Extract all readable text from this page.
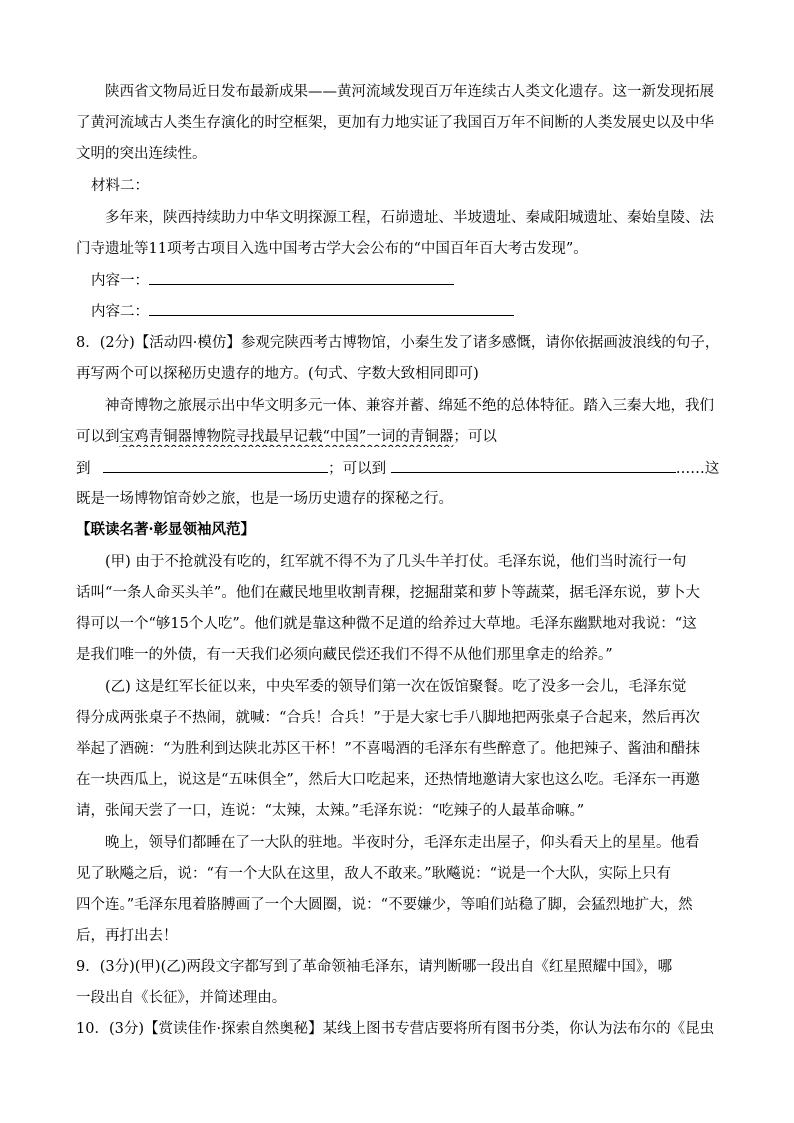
陕西省文物局近日发布最新成果——黄河流域发现百万年连续古人类文化遗存。这一新发现拓展
了黄河流域古人类生存演化的时空框架，更加有力地实证了我国百万年不间断的人类发展史以及中华
文明的突出连续性。
材料二：
多年来，陕西持续助力中华文明探源工程，石峁遗址、半坡遗址、秦咸阳城遗址、秦始皇陵、法
门寺遗址等11项考古项目入选中国考古学大会公布的“中国百年百大考古发现”。
内容一：
内容二：
8．(2分)【活动四·模仿】参观完陕西考古博物馆，小秦生发了诸多感慨，请你依据画波浪线的句子，
再写两个可以探秘历史遗存的地方。(句式、字数大致相同即可)
神奇博物之旅展示出中华文明多元一体、兼容并蓄、绵延不绝的总体特征。踏入三秦大地，我们
可以到宝鸡青铜器博物院寻找最早记载“中国”一词的青铜器；可以
到	；可以到	……这
既是一场博物馆奇妙之旅，也是一场历史遗存的探秘之行。
【联读名著·彰显领袖风范】
(甲) 由于不抢就没有吃的，红军就不得不为了几头牛羊打仗。毛泽东说，他们当时流行一句
话叫“一条人命买头羊”。他们在藏民地里收割青稞，挖掘甜菜和萝卜等蔬菜，据毛泽东说，萝卜大
得可以一个“够15个人吃”。他们就是靠这种微不足道的给养过大草地。毛泽东幽默地对我说：“这
是我们唯一的外债，有一天我们必须向藏民偿还我们不得不从他们那里拿走的给养。”
(乙) 这是红军长征以来，中央军委的领导们第一次在饭馆聚餐。吃了没多一会儿，毛泽东觉
得分成两张桌子不热闹，就喊：“合兵！合兵！”于是大家七手八脚地把两张桌子合起来，然后再次
举起了酒碗：“为胜利到达陕北苏区干杯！”不喜喝酒的毛泽东有些醉意了。他把辣子、酱油和醋抹
在一块西瓜上，说这是“五味俱全”，然后大口吃起来，还热情地邀请大家也这么吃。毛泽东一再邀
请，张闻天尝了一口，连说：“太辣，太辣。”毛泽东说：“吃辣子的人最革命嘛。”
晚上，领导们都睡在了一大队的驻地。半夜时分，毛泽东走出屋子，仰头看天上的星星。他看
见了耿飚之后，说：“有一个大队在这里，敌人不敢来。”耿飚说：“说是一个大队，实际上只有
四个连。”毛泽东甩着胳膊画了一个大圆圈，说：“不要嫌少，等咱们站稳了脚，会猛烈地扩大，然
后，再打出去！
9．(3分)(甲)(乙)两段文字都写到了革命领袖毛泽东，请判断哪一段出自《红星照耀中国》，哪
一段出自《长征》，并简述理由。
10．(3分)【赏读佳作·探索自然奥秘】某线上图书专营店要将所有图书分类，你认为法布尔的《昆虫
